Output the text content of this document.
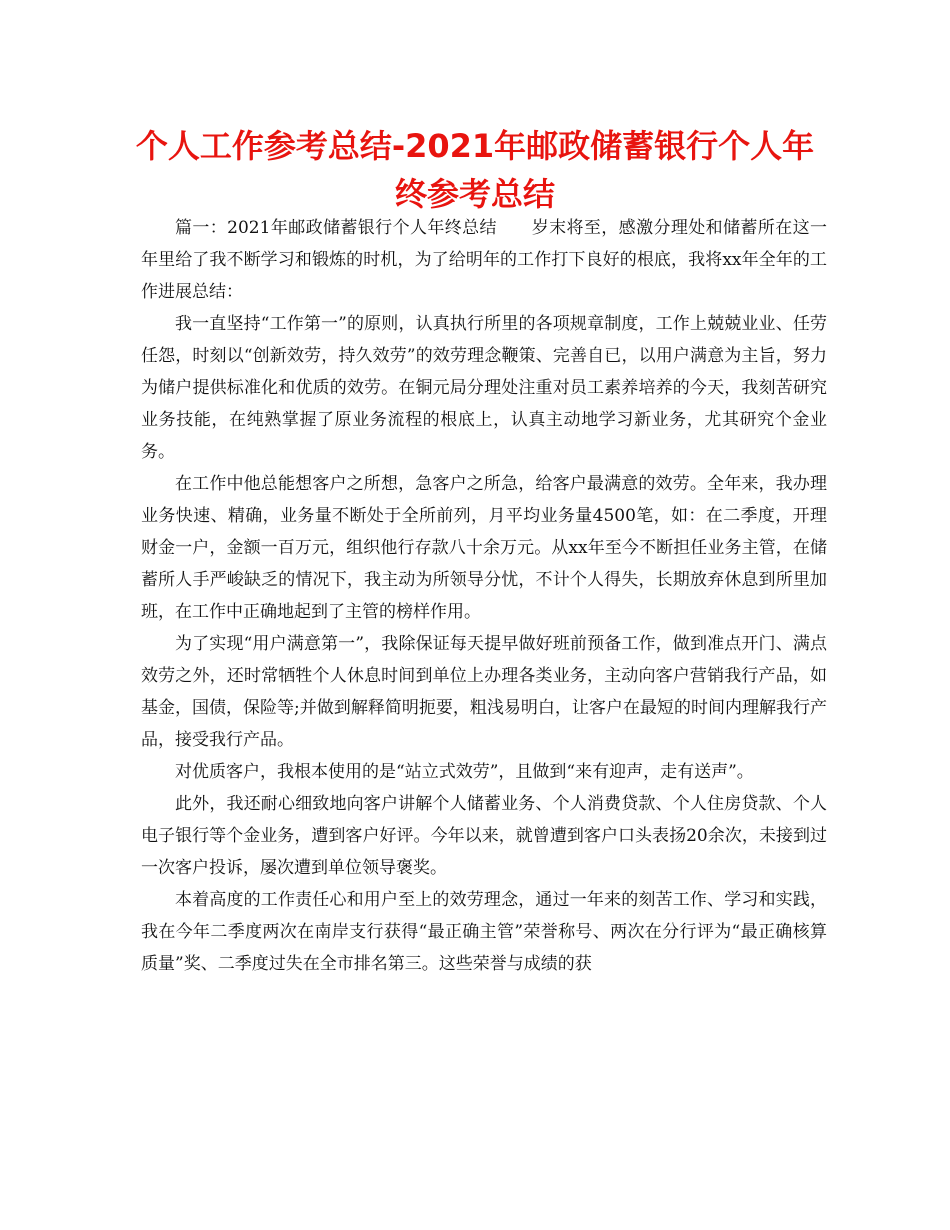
个人工作参考总结-2021年邮政储蓄银行个人年终参考总结

篇一：2021年邮政储蓄银行个人年终总结　　岁末将至，感激分理处和储蓄所在这一年里给了我不断学习和锻炼的时机，为了给明年的工作打下良好的根底，我将xx年全年的工作进展总结：

我一直坚持“工作第一”的原则，认真执行所里的各项规章制度，工作上兢兢业业、任劳任怨，时刻以“创新效劳，持久效劳”的效劳理念鞭策、完善自已，以用户满意为主旨，努力为储户提供标准化和优质的效劳。在铜元局分理处注重对员工素养培养的今天，我刻苦研究业务技能，在纯熟掌握了原业务流程的根底上，认真主动地学习新业务，尤其研究个金业务。

在工作中他总能想客户之所想，急客户之所急，给客户最满意的效劳。全年来，我办理业务快速、精确，业务量不断处于全所前列，月平均业务量4500笔，如：在二季度，开理财金一户，金额一百万元，组织他行存款八十余万元。从xx年至今不断担任业务主管，在储蓄所人手严峻缺乏的情况下，我主动为所领导分忧，不计个人得失，长期放弃休息到所里加班，在工作中正确地起到了主管的榜样作用。

为了实现“用户满意第一”，我除保证每天提早做好班前预备工作，做到准点开门、满点效劳之外，还时常牺牲个人休息时间到单位上办理各类业务，主动向客户营销我行产品，如基金，国债，保险等;并做到解释简明扼要，粗浅易明白，让客户在最短的时间内理解我行产品，接受我行产品。

对优质客户，我根本使用的是“站立式效劳”，且做到“来有迎声，走有送声”。

此外，我还耐心细致地向客户讲解个人储蓄业务、个人消费贷款、个人住房贷款、个人电子银行等个金业务，遭到客户好评。今年以来，就曾遭到客户口头表扬20余次，未接到过一次客户投诉，屡次遭到单位领导褒奖。

本着高度的工作责任心和用户至上的效劳理念，通过一年来的刻苦工作、学习和实践，我在今年二季度两次在南岸支行获得“最正确主管”荣誉称号、两次在分行评为“最正确核算质量”奖、二季度过失在全市排名第三。这些荣誉与成绩的获
